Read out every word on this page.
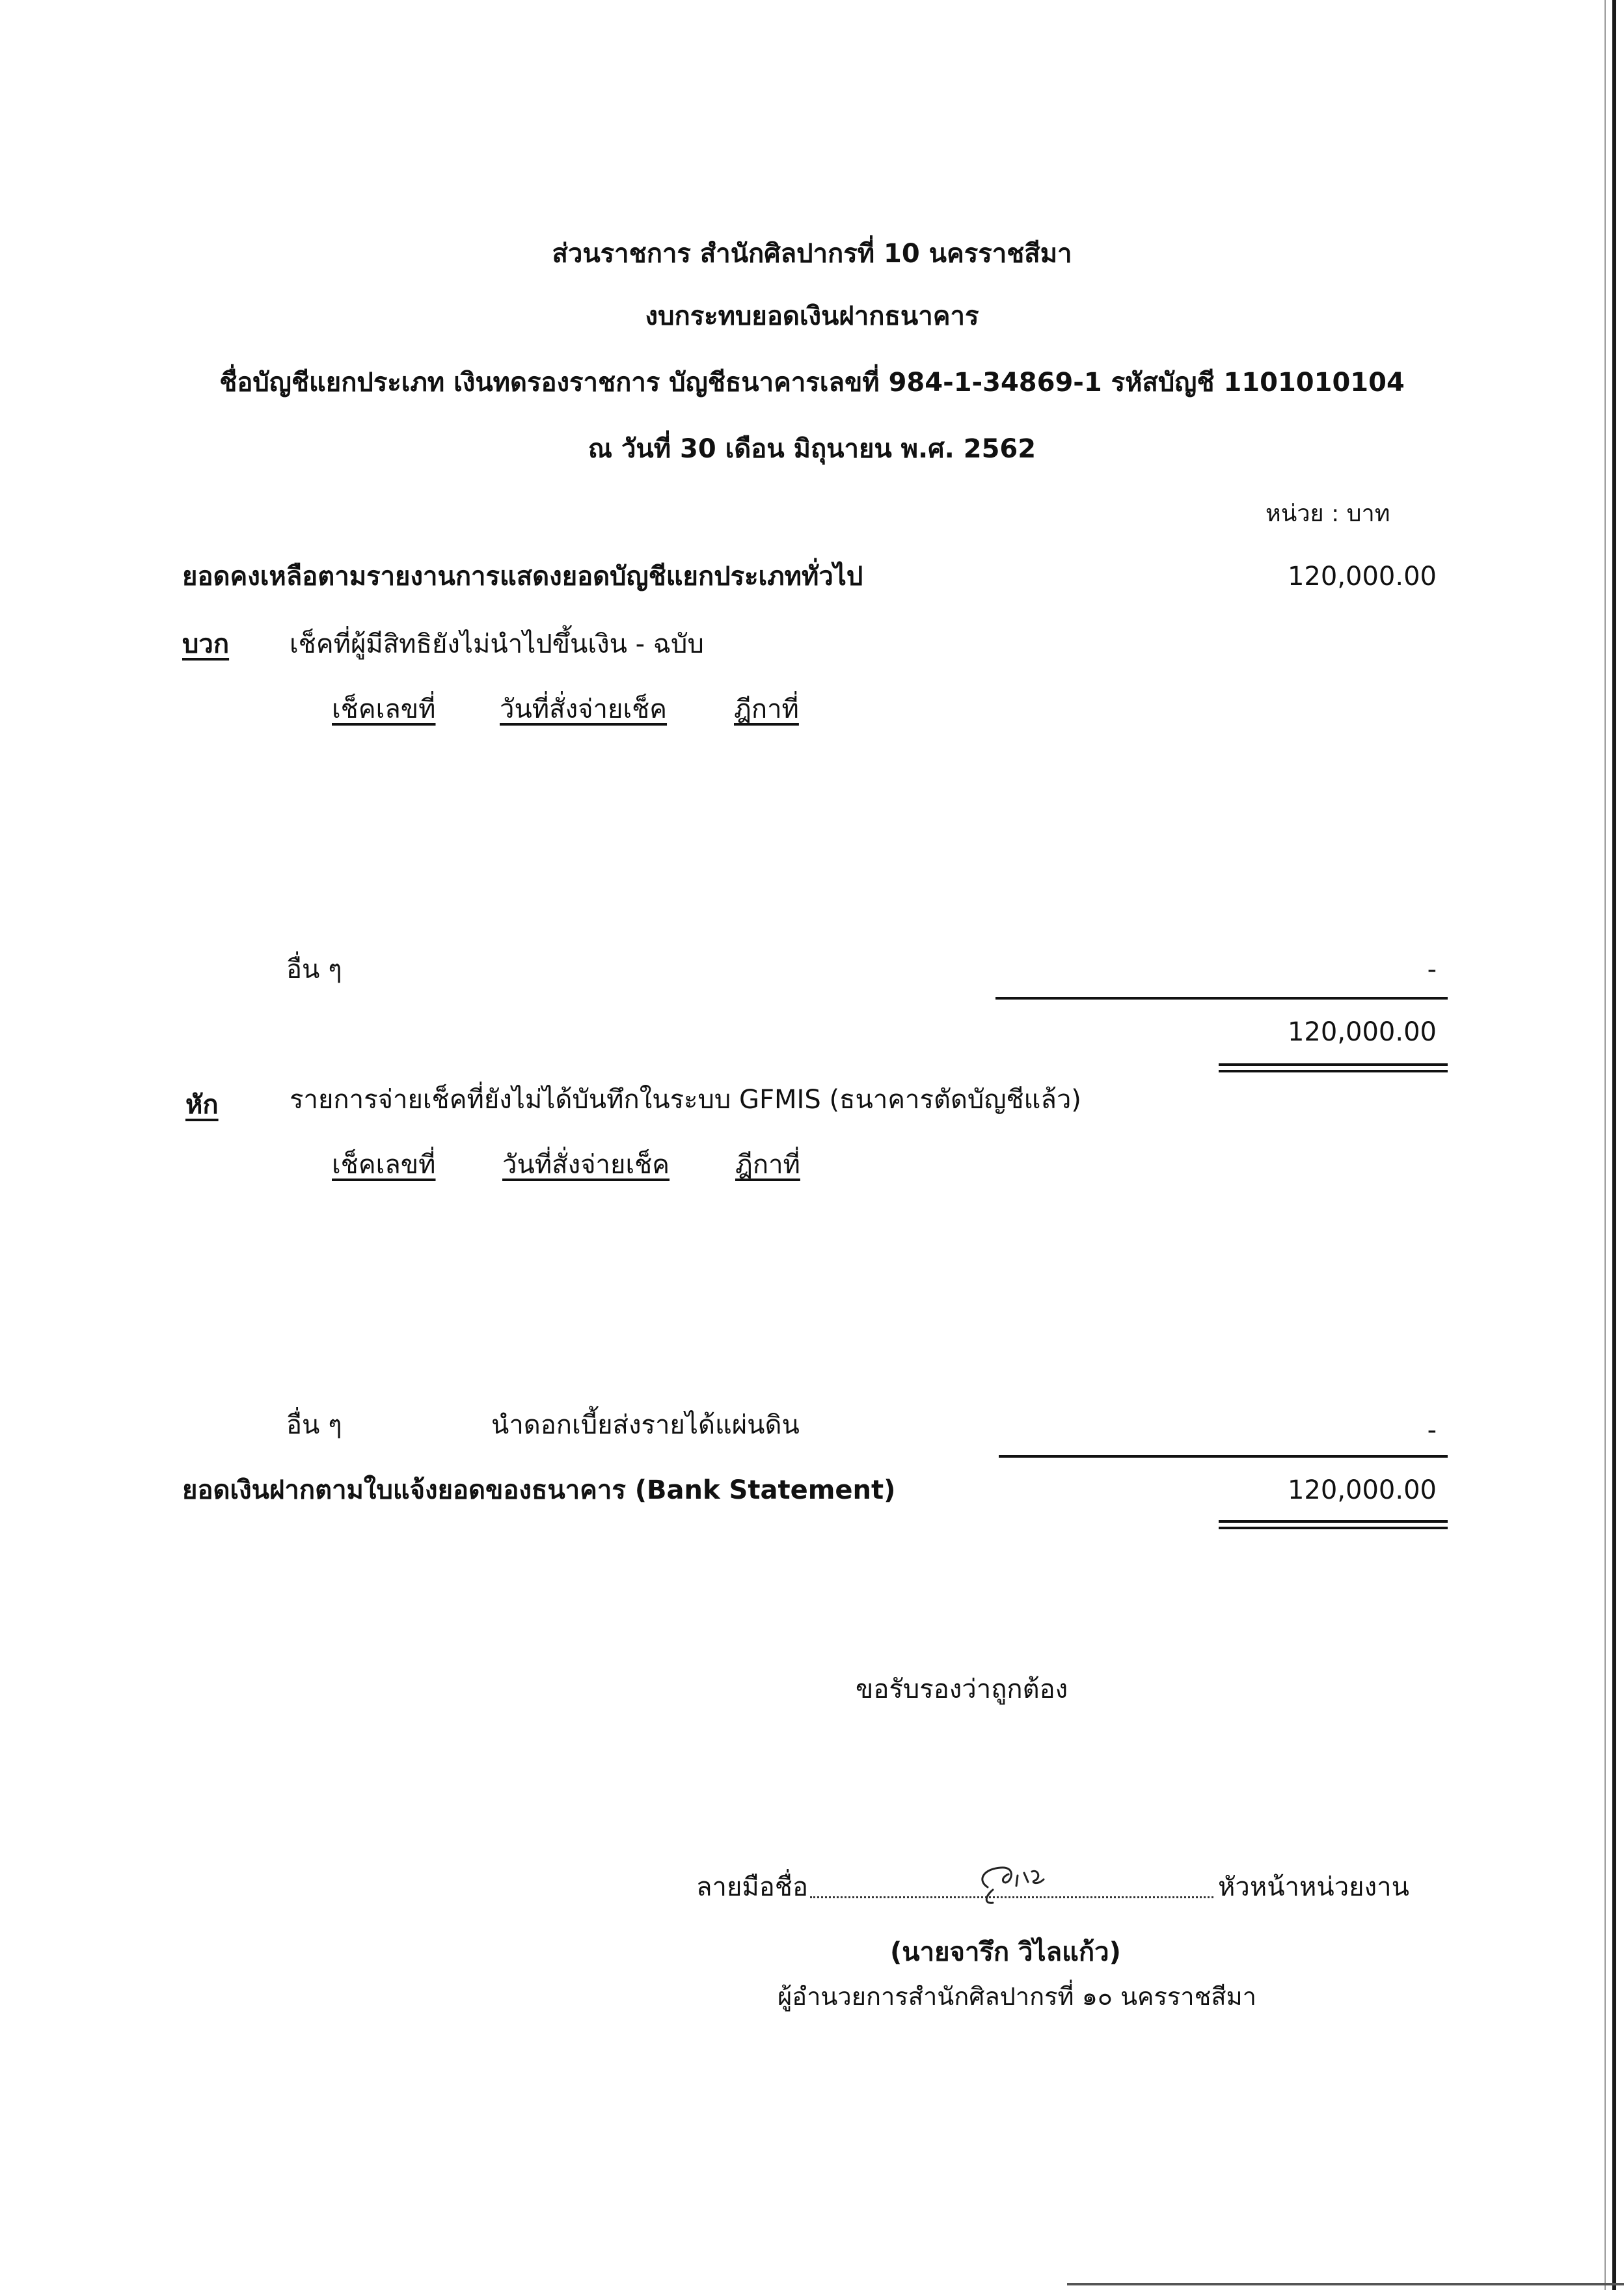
ส่วนราชการ สำนักศิลปากรที่ 10 นครราชสีมา
งบกระทบยอดเงินฝากธนาคาร
ชื่อบัญชีแยกประเภท เงินทดรองราชการ บัญชีธนาคารเลขที่ 984-1-34869-1 รหัสบัญชี 1101010104
ณ วันที่ 30 เดือน มิถุนายน พ.ศ. 2562
หน่วย : บาท
ยอดคงเหลือตามรายงานการแสดงยอดบัญชีแยกประเภททั่วไป	120,000.00
บวก เช็คที่ผู้มีสิทธิยังไม่นำไปขึ้นเงิน - ฉบับ
เช็คเลขที่ วันที่สั่งจ่ายเช็ค	ฎีกาที่
อื่น ๆ	-
120,000.00
หัก	รายการจ่ายเช็คที่ยังไม่ได้บันทึกในระบบ GFMIS (ธนาคารตัดบัญชีแล้ว)
เช็คเลขที่	วันที่สั่งจ่ายเช็ค	ฎีกาที่
อื่น ๆ	นำดอกเบี้ยส่งรายได้แผ่นดิน	-
ยอดเงินฝากตามใบแจ้งยอดของธนาคาร (Bank Statement)	120,000.00
ขอรับรองว่าถูกต้อง
ลายมือชื่อ	หัวหน้าหน่วยงาน
(นายจารึก วิไลแก้ว)
ผู้อำนวยการสำนักศิลปากรที่ ๑๐ นครราชสีมา
